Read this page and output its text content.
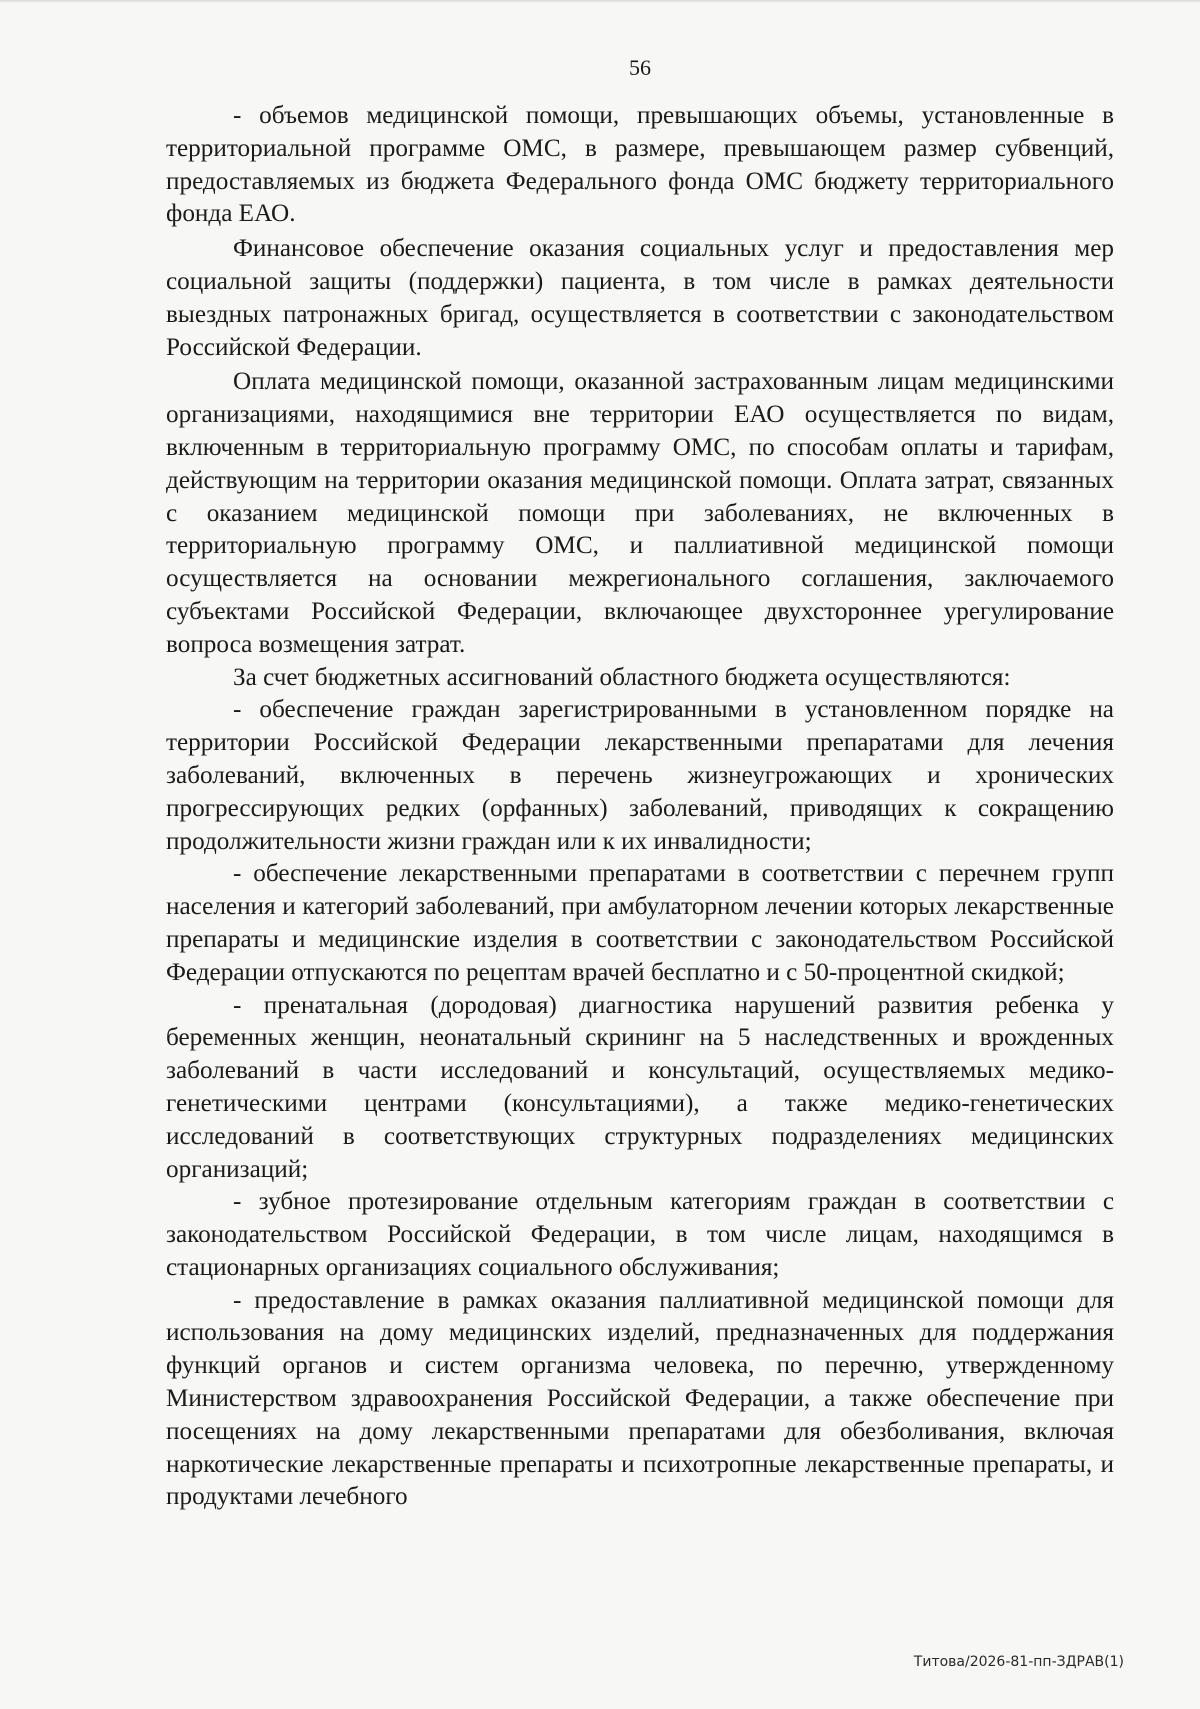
56

- объемов медицинской помощи, превышающих объемы, установленные в территориальной программе ОМС, в размере, превышающем размер субвенций, предоставляемых из бюджета Федерального фонда ОМС бюджету территориального фонда ЕАО.

Финансовое обеспечение оказания социальных услуг и предоставления мер социальной защиты (поддержки) пациента, в том числе в рамках деятельности выездных патронажных бригад, осуществляется в соответствии с законодательством Российской Федерации.

Оплата медицинской помощи, оказанной застрахованным лицам медицинскими организациями, находящимися вне территории ЕАО осуществляется по видам, включенным в территориальную программу ОМС, по способам оплаты и тарифам, действующим на территории оказания медицинской помощи. Оплата затрат, связанных с оказанием медицинской помощи при заболеваниях, не включенных в территориальную программу ОМС, и паллиативной медицинской помощи осуществляется на основании межрегионального соглашения, заключаемого субъектами Российской Федерации, включающее двухстороннее урегулирование вопроса возмещения затрат.

За счет бюджетных ассигнований областного бюджета осуществляются:

- обеспечение граждан зарегистрированными в установленном порядке на территории Российской Федерации лекарственными препаратами для лечения заболеваний, включенных в перечень жизнеугрожающих и хронических прогрессирующих редких (орфанных) заболеваний, приводящих к сокращению продолжительности жизни граждан или к их инвалидности;

- обеспечение лекарственными препаратами в соответствии с перечнем групп населения и категорий заболеваний, при амбулаторном лечении которых лекарственные препараты и медицинские изделия в соответствии с законодательством Российской Федерации отпускаются по рецептам врачей бесплатно и с 50-процентной скидкой;

- пренатальная (дородовая) диагностика нарушений развития ребенка у беременных женщин, неонатальный скрининг на 5 наследственных и врожденных заболеваний в части исследований и консультаций, осуществляемых медико-генетическими центрами (консультациями), а также медико-генетических исследований в соответствующих структурных подразделениях медицинских организаций;

- зубное протезирование отдельным категориям граждан в соответствии с законодательством Российской Федерации, в том числе лицам, находящимся в стационарных организациях социального обслуживания;

- предоставление в рамках оказания паллиативной медицинской помощи для использования на дому медицинских изделий, предназначенных для поддержания функций органов и систем организма человека, по перечню, утвержденному Министерством здравоохранения Российской Федерации, а также обеспечение при посещениях на дому лекарственными препаратами для обезболивания, включая наркотические лекарственные препараты и психотропные лекарственные препараты, и продуктами лечебного

Титова/2026-81-пп-ЗДРАВ(1)
